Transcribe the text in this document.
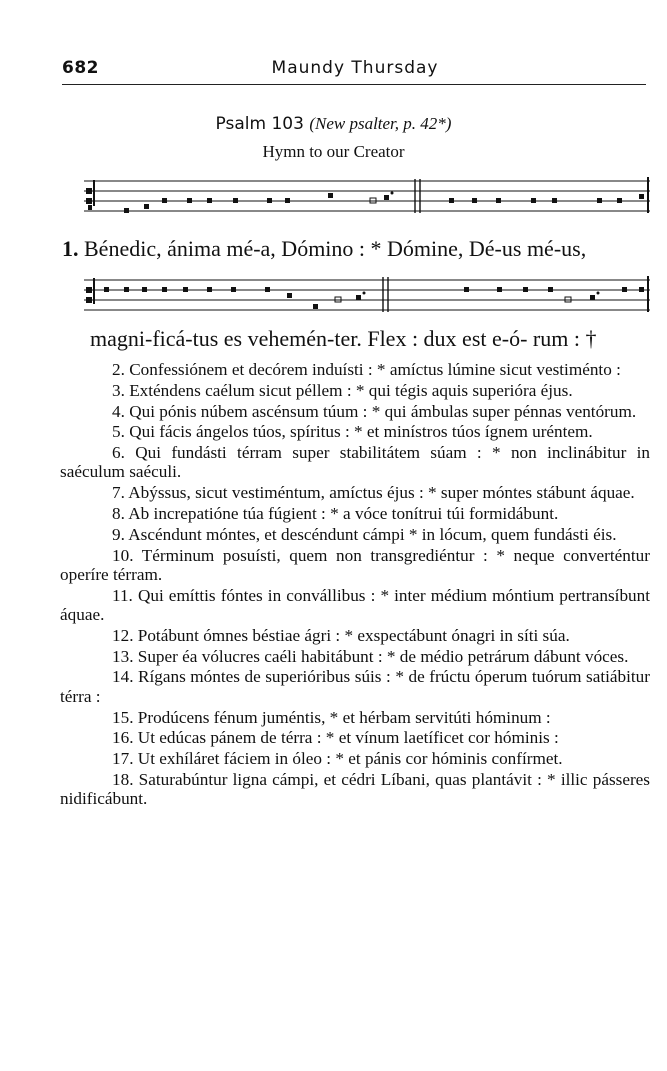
682	Maundy Thursday
Psalm 103 (New psalter, p. 42*)
Hymn to our Creator
1. Bénedic, ánima mé-a, Dómino : * Dómine, Dé-us mé-us,
magni-ficá-tus es vehemén-ter. Flex : dux est e-ó- rum : †

2. Confessiónem et decórem induísti : * amíctus lúmine sicut vestiménto :

3. Exténdens caélum sicut péllem : * qui tégis aquis superióra éjus.

4. Qui pónis núbem ascénsum túum : * qui ámbulas super pénnas ventórum.

5. Qui fácis ángelos túos, spíritus : * et minístros túos ígnem uréntem.

6. Qui fundásti térram super stabilitátem súam : * non inclinábitur in saéculum saéculi.

7. Abýssus, sicut vestiméntum, amíctus éjus : * super móntes stábunt áquae.

8. Ab increpatióne túa fúgient : * a vóce tonítrui túi formidábunt.

9. Ascéndunt móntes, et descéndunt cámpi * in lócum, quem fundásti éis.

10. Términum posuísti, quem non transgrediéntur : * neque converténtur operíre térram.

11. Qui emíttis fóntes in convállibus : * inter médium móntium pertransíbunt áquae.

12. Potábunt ómnes béstiae ágri : * exspectábunt ónagri in síti súa.

13. Super éa vólucres caéli habitábunt : * de médio petrárum dábunt vóces.

14. Rígans móntes de superióribus súis : * de frúctu óperum tuórum satiábitur térra :

15. Prodúcens fénum juméntis, * et hérbam servitúti hóminum :

16. Ut edúcas pánem de térra : * et vínum laetíficet cor hóminis :

17. Ut exhíláret fáciem in óleo : * et pánis cor hóminis confírmet.

18. Saturabúntur ligna cámpi, et cédri Líbani, quas plantávit : * illic pásseres nidificábunt.
